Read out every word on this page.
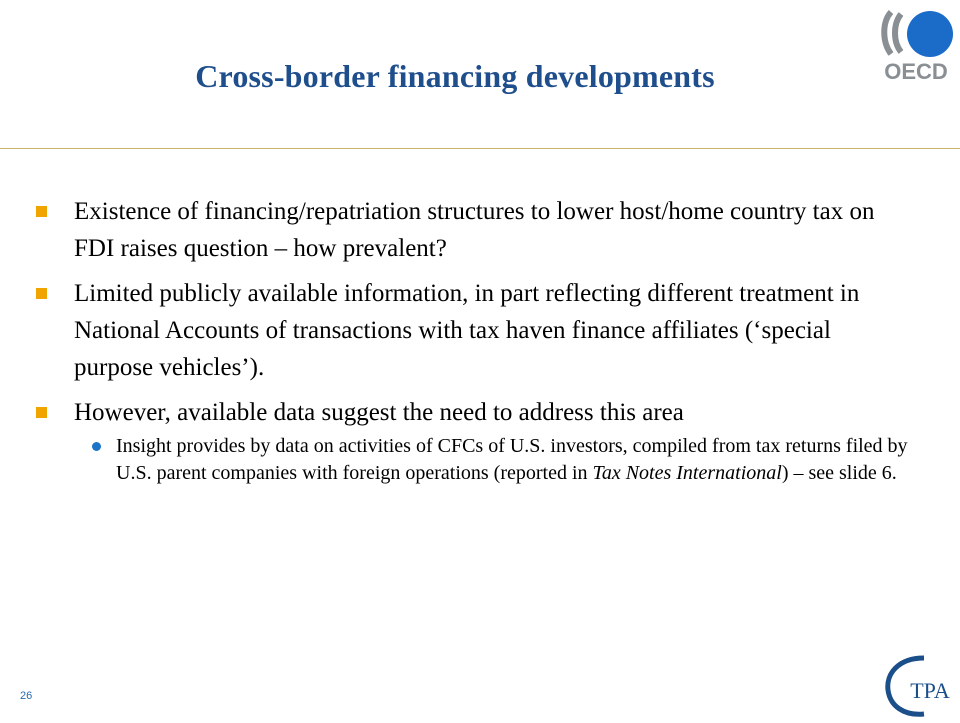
Cross-border financing developments	OECD
Existence of financing/repatriation structures to lower host/home country tax on FDI raises question – how prevalent?
Limited publicly available information, in part reflecting different treatment in National Accounts of transactions with tax haven finance affiliates (‘special purpose vehicles’).
However, available data suggest the need to address this area
Insight provides by data on activities of CFCs of U.S. investors, compiled from tax returns filed by U.S. parent companies with foreign operations (reported in Tax Notes International) – see slide 6.
26	TPA
